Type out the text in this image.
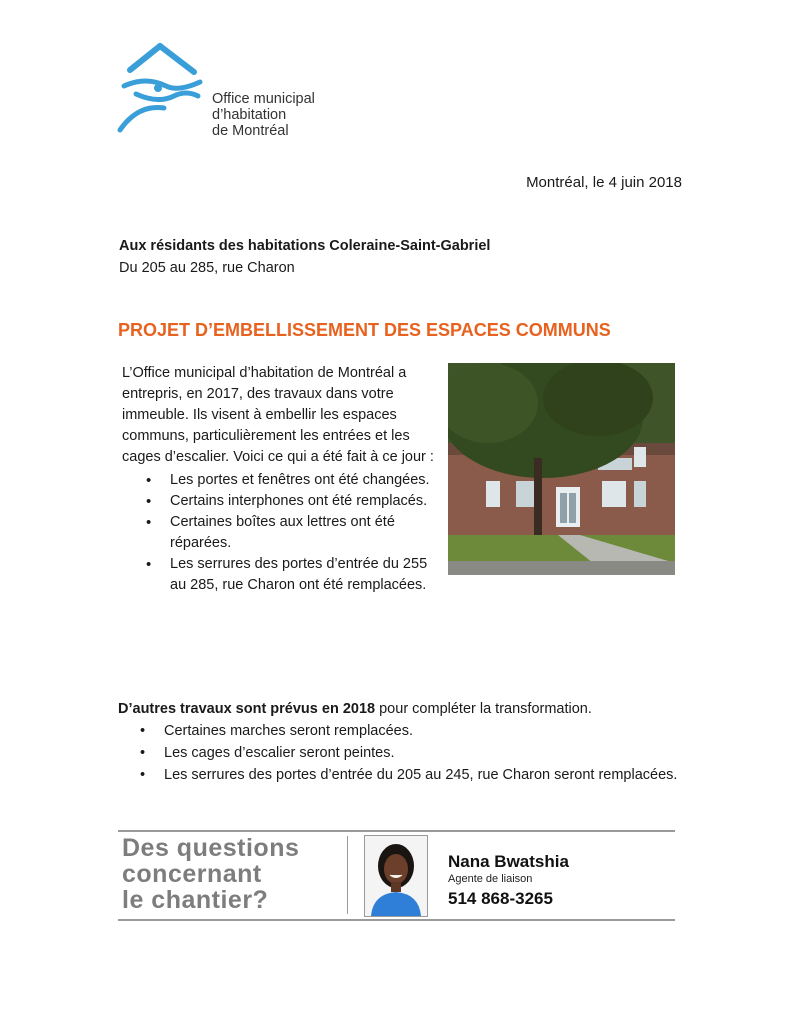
Office municipal
d’habitation
de Montréal
Montréal, le 4 juin 2018
Aux résidants des habitations Coleraine-Saint-Gabriel
Du 205 au 285, rue Charon
PROJET D’EMBELLISSEMENT DES ESPACES COMMUNS

L’Office municipal d’habitation de Montréal a entrepris, en 2017, des travaux dans votre immeuble. Ils visent à embellir les espaces communs, particulièrement les entrées et les cages d’escalier. Voici ce qui a été fait à ce jour :

• Les portes et fenêtres ont été changées.
• Certains interphones ont été remplacés.
• Certaines boîtes aux lettres ont été réparées.
• Les serrures des portes d’entrée du 255 au 285, rue Charon ont été remplacées.

D’autres travaux sont prévus en 2018 pour compléter la transformation.

• Certaines marches seront remplacées.
• Les cages d’escalier seront peintes.
• Les serrures des portes d’entrée du 205 au 245, rue Charon seront remplacées.
Des questions
concernant
le chantier?
Nana Bwatshia
Agente de liaison
514 868-3265
